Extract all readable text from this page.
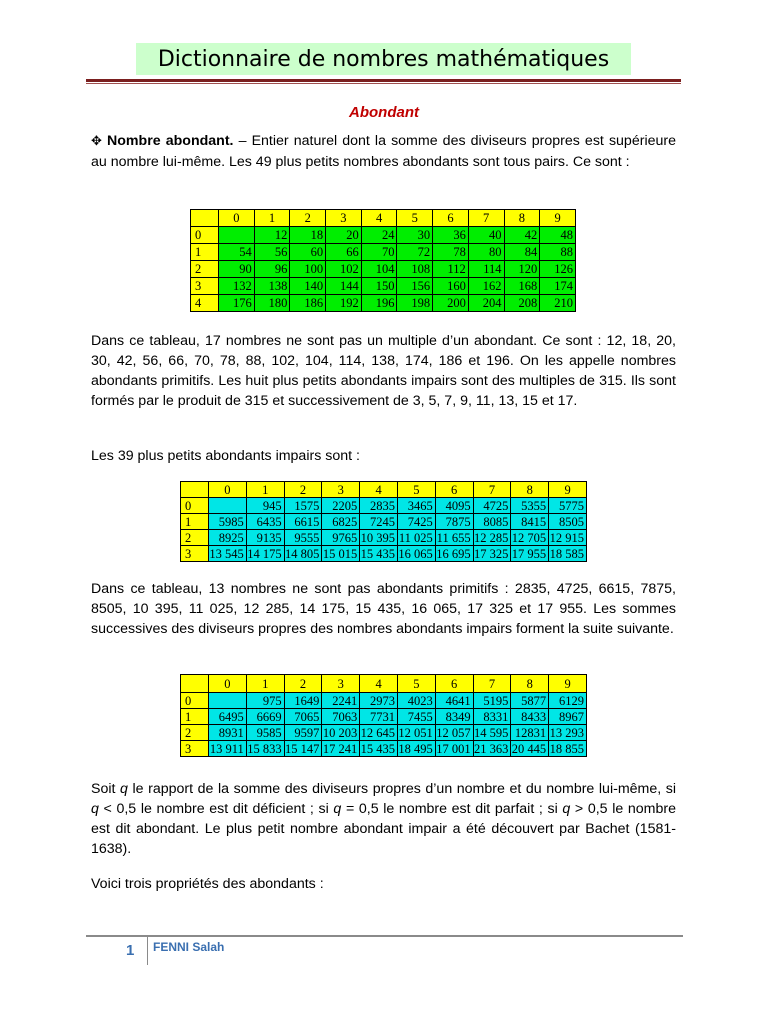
Dictionnaire de nombres mathématiques
Abondant
✥ Nombre abondant. – Entier naturel dont la somme des diviseurs propres est supérieure au nombre lui-même. Les 49 plus petits nombres abondants sont tous pairs. Ce sont :
	0	1	2	3	4	5	6	7	8	9
0		12	18	20	24	30	36	40	42	48
1	54	56	60	66	70	72	78	80	84	88
2	90	96	100	102	104	108	112	114	120	126
3	132	138	140	144	150	156	160	162	168	174
4	176	180	186	192	196	198	200	204	208	210
Dans ce tableau, 17 nombres ne sont pas un multiple d’un abondant. Ce sont : 12, 18, 20, 30, 42, 56, 66, 70, 78, 88, 102, 104, 114, 138, 174, 186 et 196. On les appelle nombres abondants primitifs. Les huit plus petits abondants impairs sont des multiples de 315. Ils sont formés par le produit de 315 et successivement de 3, 5, 7, 9, 11, 13, 15 et 17.
Les 39 plus petits abondants impairs sont :
	0	1	2	3	4	5	6	7	8	9
0		945	1575	2205	2835	3465	4095	4725	5355	5775
1	5985	6435	6615	6825	7245	7425	7875	8085	8415	8505
2	8925	9135	9555	9765	10 395	11 025	11 655	12 285	12 705	12 915
3	13 545	14 175	14 805	15 015	15 435	16 065	16 695	17 325	17 955	18 585
Dans ce tableau, 13 nombres ne sont pas abondants primitifs : 2835, 4725, 6615, 7875, 8505, 10 395, 11 025, 12 285, 14 175, 15 435, 16 065, 17 325 et 17 955. Les sommes successives des diviseurs propres des nombres abondants impairs forment la suite suivante.
	0	1	2	3	4	5	6	7	8	9
0		975	1649	2241	2973	4023	4641	5195	5877	6129
1	6495	6669	7065	7063	7731	7455	8349	8331	8433	8967
2	8931	9585	9597	10 203	12 645	12 051	12 057	14 595	12831	13 293
3	13 911	15 833	15 147	17 241	15 435	18 495	17 001	21 363	20 445	18 855
Soit q le rapport de la somme des diviseurs propres d’un nombre et du nombre lui-même, si q < 0,5 le nombre est dit déficient ; si q = 0,5 le nombre est dit parfait ; si q > 0,5 le nombre est dit abondant. Le plus petit nombre abondant impair a été découvert par Bachet (1581-1638).
Voici trois propriétés des abondants :
1 FENNI Salah
